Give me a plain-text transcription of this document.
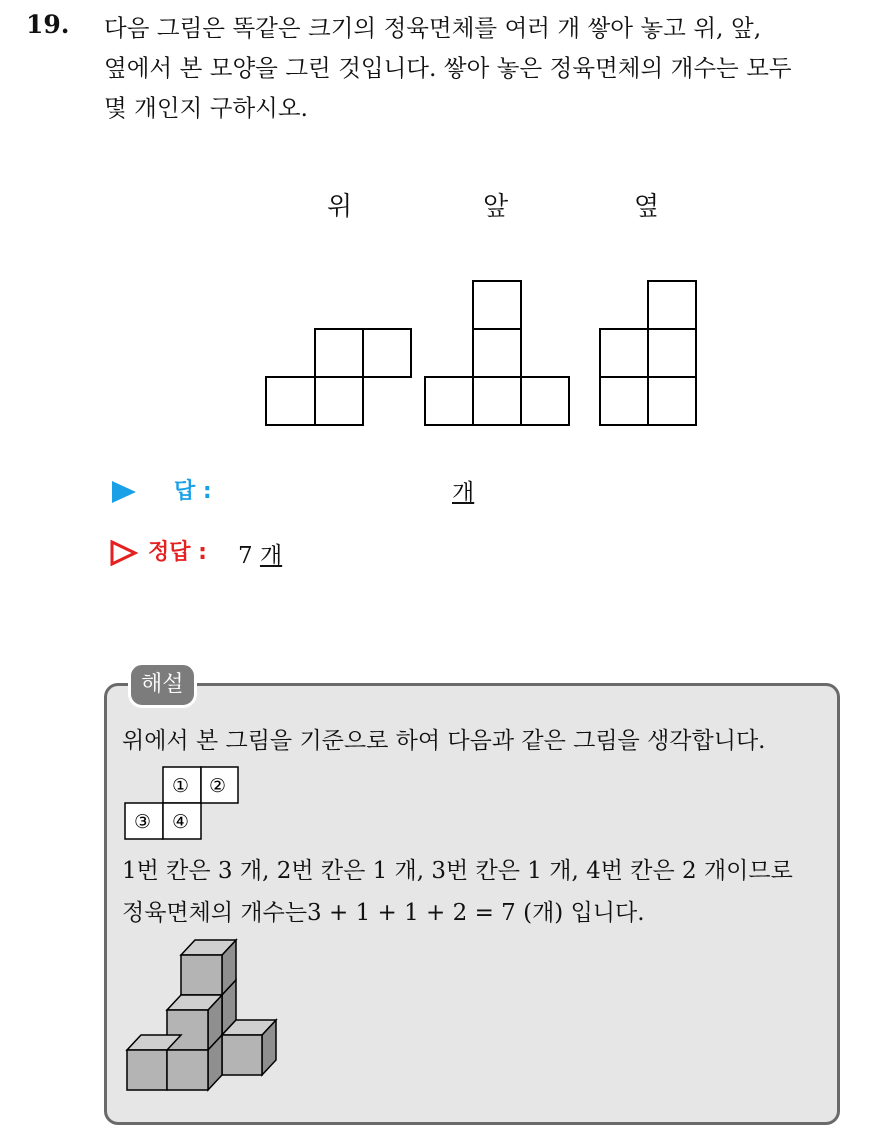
19. 다음 그림은 똑같은 크기의 정육면체를 여러 개 쌓아 놓고 위, 앞,
옆에서 본 모양을 그린 것입니다. 쌓아 놓은 정육면체의 개수는 모두
몇 개인지 구하시오.
위	앞	옆
답 :	개
정답 : 7 개
해설
위에서 본 그림을 기준으로 하여 다음과 같은 그림을 생각합니다.
① ②
③ ④
1번 칸은 3 개, 2번 칸은 1 개, 3번 칸은 1 개, 4번 칸은 2 개이므로
정육면체의 개수는3 + 1 + 1 + 2 = 7 (개) 입니다.
